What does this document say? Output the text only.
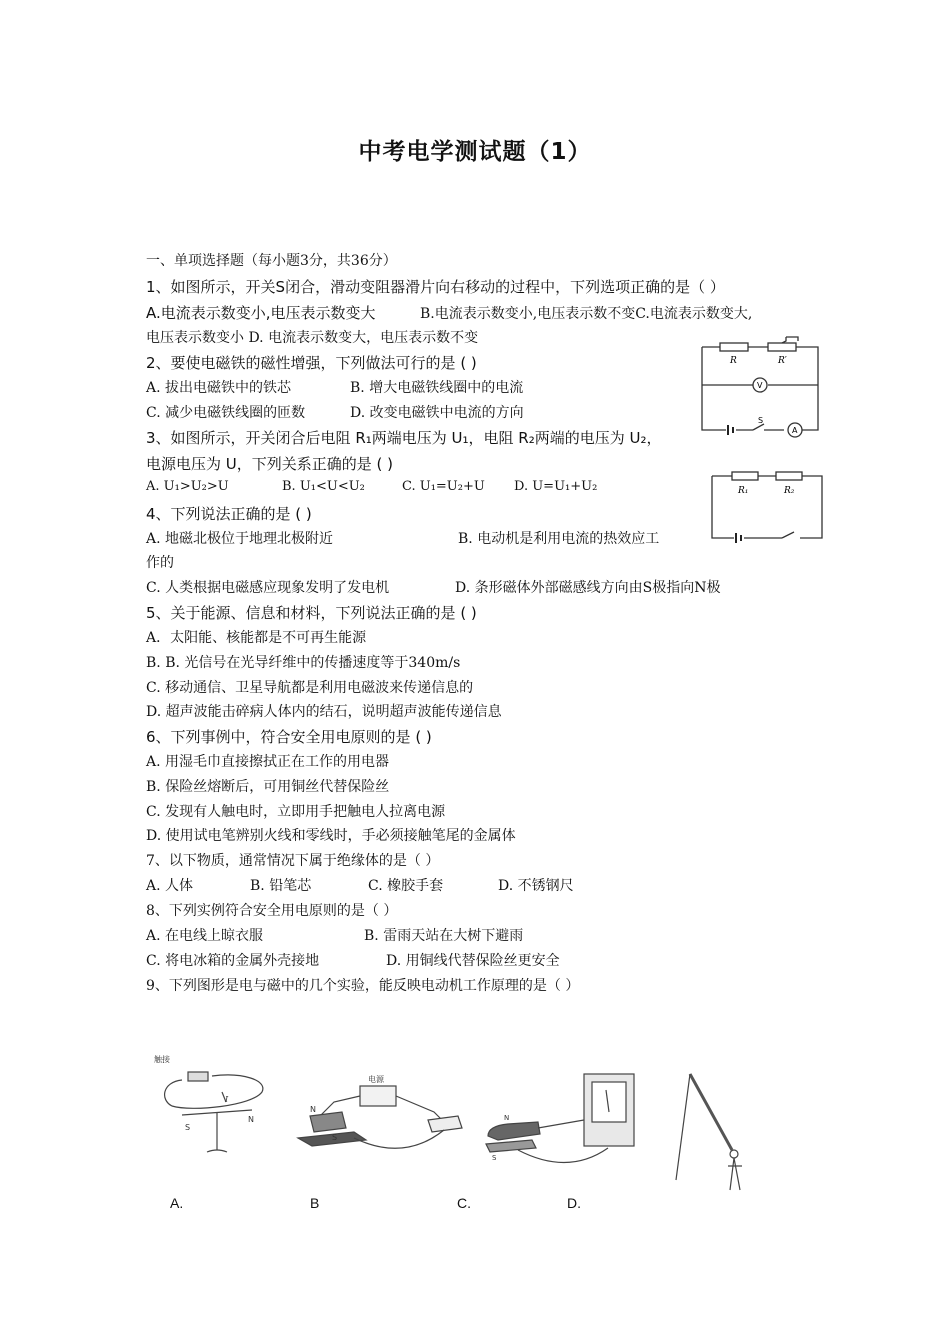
中考电学测试题（1）
一、单项选择题（每小题3分，共36分）
1、如图所示，开关S闭合，滑动变阻器滑片向右移动的过程中，下列选项正确的是（ ）
A.电流表示数变小,电压表示数变大	B.电流表示数变小,电压表示数不变C.电流表示数变大,
电压表示数变小 D. 电流表示数变大，电压表示数不变
2、要使电磁铁的磁性增强，下列做法可行的是 ( )
A. 拔出电磁铁中的铁芯	B. 增大电磁铁线圈中的电流
C. 减少电磁铁线圈的匝数	D. 改变电磁铁中电流的方向
3、如图所示，开关闭合后电阻 R₁两端电压为 U₁，电阻 R₂两端的电压为 U₂，
电源电压为 U，下列关系正确的是 ( )
A. U₁>U₂>U	B. U₁<U<U₂	C. U₁=U₂+U D. U=U₁+U₂
4、下列说法正确的是 ( )
A. 地磁北极位于地理北极附近	B. 电动机是利用电流的热效应工
作的
C. 人类根据电磁感应现象发明了发电机	D. 条形磁体外部磁感线方向由S极指向N极
5、关于能源、信息和材料，下列说法正确的是 ( )
A．太阳能、核能都是不可再生能源
B. B. 光信号在光导纤维中的传播速度等于340m/s
C. 移动通信、卫星导航都是利用电磁波来传递信息的
D. 超声波能击碎病人体内的结石，说明超声波能传递信息
6、下列事例中，符合安全用电原则的是 ( )
A. 用湿毛巾直接擦拭正在工作的用电器
B. 保险丝熔断后，可用铜丝代替保险丝
C. 发现有人触电时，立即用手把触电人拉离电源
D. 使用试电笔辨别火线和零线时，手必须接触笔尾的金属体
7、以下物质，通常情况下属于绝缘体的是（ ）
A. 人体	B. 铅笔芯	C. 橡胶手套	D. 不锈钢尺
8、下列实例符合安全用电原则的是（ ）
A. 在电线上晾衣服	B. 雷雨天站在大树下避雨
C. 将电冰箱的金属外壳接地	D. 用铜线代替保险丝更安全
9、下列图形是电与磁中的几个实验，能反映电动机工作原理的是（ ）
R	R′
V
A
S
R₁	R₂
触接
S
N
I
电源
N
S
N
S
A.	B	C.	D.
